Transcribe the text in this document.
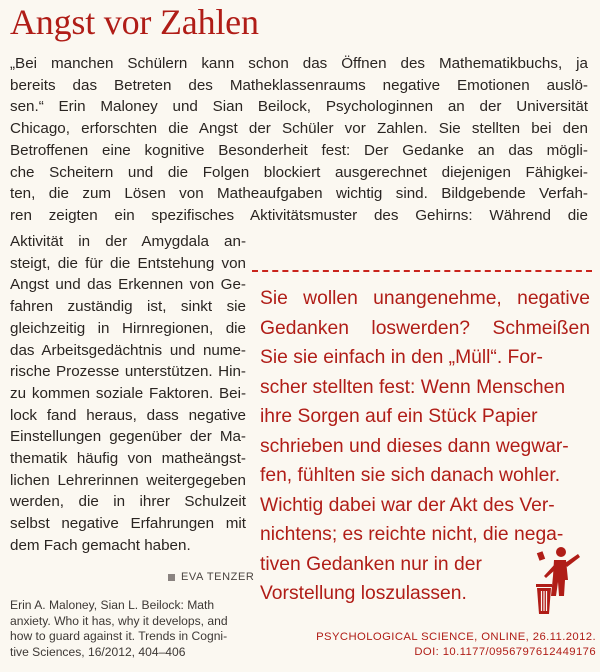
Angst vor Zahlen
„Bei manchen Schülern kann schon das Öffnen des Mathematikbuchs, ja
bereits das Betreten des Matheklassenraums negative Emotionen auslö-
sen.“ Erin Maloney und Sian Beilock, Psychologinnen an der Universität
Chicago, erforschten die Angst der Schüler vor Zahlen. Sie stellten bei den
Betroffenen eine kognitive Besonderheit fest: Der Gedanke an das mögli-
che Scheitern und die Folgen blockiert ausgerechnet diejenigen Fähigkei-
ten, die zum Lösen von Matheaufgaben wichtig sind. Bildgebende Verfah-
ren zeigten ein spezifisches Aktivitätsmuster des Gehirns: Während die
Aktivität in der Amygdala an-
steigt, die für die Entstehung von
Angst und das Erkennen von Ge-
fahren zuständig ist, sinkt sie
gleichzeitig in Hirnregionen, die
das Arbeitsgedächtnis und nume-
rische Prozesse unterstützen. Hin-
zu kommen soziale Faktoren. Bei-
lock fand heraus, dass negative
Einstellungen gegenüber der Ma-
thematik häufig von matheängst-
lichen Lehrerinnen weitergegeben
werden, die in ihrer Schulzeit
selbst negative Erfahrungen mit
dem Fach gemacht haben.
EVA TENZER
Erin A. Maloney, Sian L. Beilock: Math
anxiety. Who it has, why it develops, and
how to guard against it. Trends in Cogni-
tive Sciences, 16/2012, 404–406
Sie wollen unangenehme, negative
Gedanken loswerden? Schmeißen
Sie sie einfach in den „Müll“. For-
scher stellten fest: Wenn Menschen
ihre Sorgen auf ein Stück Papier
schrieben und dieses dann wegwar-
fen, fühlten sie sich danach wohler.
Wichtig dabei war der Akt des Ver-
nichtens; es reichte nicht, die nega-
tiven Gedanken nur in der
Vorstellung loszulassen.
PSYCHOLOGICAL SCIENCE, ONLINE, 26.11.2012.
DOI: 10.1177/0956797612449176
